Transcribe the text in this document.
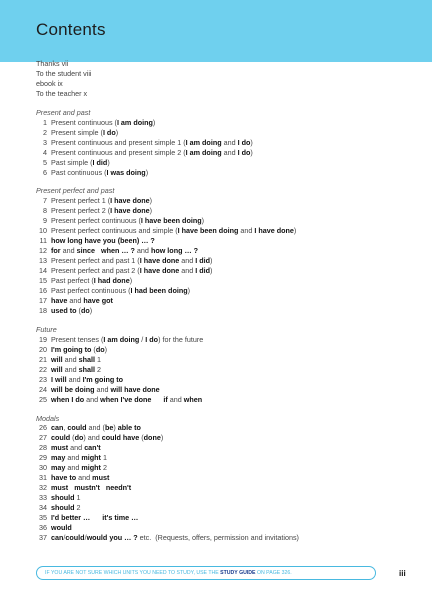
Contents
Thanks vii
To the student viii
ebook ix
To the teacher x
Present and past
1 Present continuous (I am doing)
2 Present simple (I do)
3 Present continuous and present simple 1 (I am doing and I do)
4 Present continuous and present simple 2 (I am doing and I do)
5 Past simple (I did)
6 Past continuous (I was doing)
Present perfect and past
7 Present perfect 1 (I have done)
8 Present perfect 2 (I have done)
9 Present perfect continuous (I have been doing)
10 Present perfect continuous and simple (I have been doing and I have done)
11 how long have you (been) … ?
12 for and since when … ? and how long … ?
13 Present perfect and past 1 (I have done and I did)
14 Present perfect and past 2 (I have done and I did)
15 Past perfect (I had done)
16 Past perfect continuous (I had been doing)
17 have and have got
18 used to (do)
Future
19 Present tenses (I am doing / I do) for the future
20 I'm going to (do)
21 will and shall 1
22 will and shall 2
23 I will and I'm going to
24 will be doing and will have done
25 when I do and when I've done if and when
Modals
26 can, could and (be) able to
27 could (do) and could have (done)
28 must and can't
29 may and might 1
30 may and might 2
31 have to and must
32 must mustn't needn't
33 should 1
34 should 2
35 I'd better … it's time …
36 would
37 can/could/would you … ? etc.  (Requests, offers, permission and invitations)
IF YOU ARE NOT SURE WHICH UNITS YOU NEED TO STUDY, USE THE STUDY GUIDE ON PAGE 326.	iii
